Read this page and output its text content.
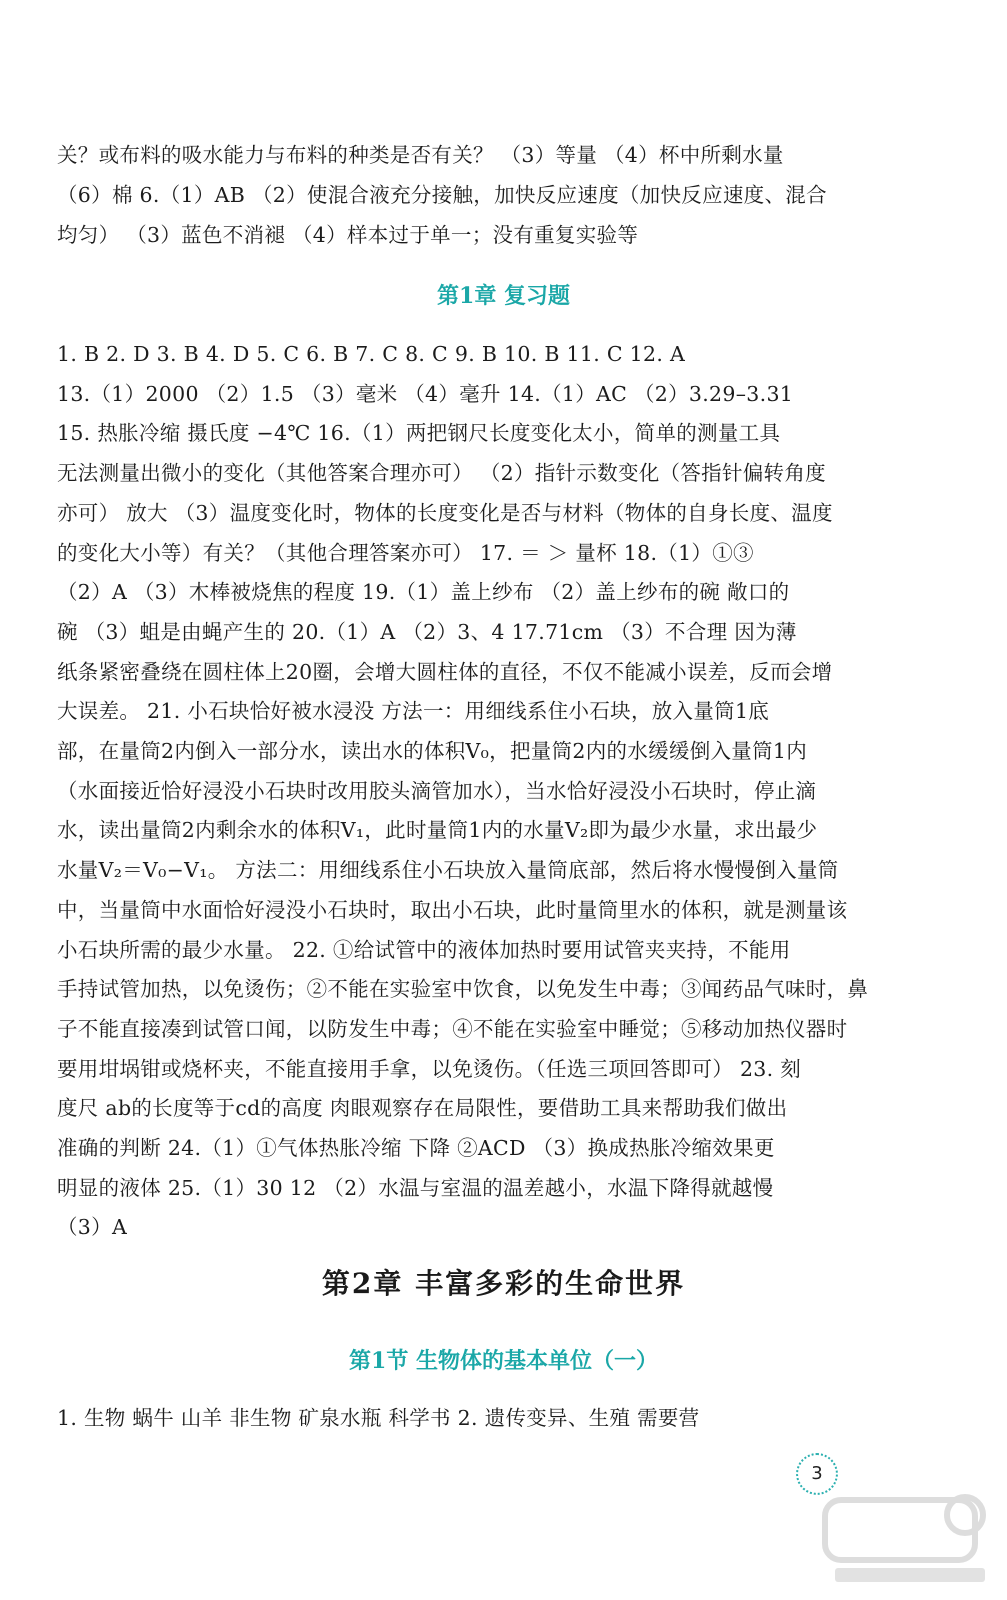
关？或布料的吸水能力与布料的种类是否有关？ （3）等量 （4）杯中所剩水量
（6）棉 6.（1）AB （2）使混合液充分接触，加快反应速度（加快反应速度、混合
均匀） （3）蓝色不消褪 （4）样本过于单一；没有重复实验等
第1章 复习题
1. B 2. D 3. B 4. D 5. C 6. B 7. C 8. C 9. B 10. B 11. C 12. A
13.（1）2000 （2）1.5 （3）毫米 （4）毫升 14.（1）AC （2）3.29–3.31
15. 热胀冷缩 摄氏度 −4℃ 16.（1）两把钢尺长度变化太小，简单的测量工具
无法测量出微小的变化（其他答案合理亦可） （2）指针示数变化（答指针偏转角度
亦可） 放大 （3）温度变化时，物体的长度变化是否与材料（物体的自身长度、温度
的变化大小等）有关？（其他合理答案亦可） 17. ＝ ＞ 量杯 18.（1）①③
（2）A （3）木棒被烧焦的程度 19.（1）盖上纱布 （2）盖上纱布的碗 敞口的
碗 （3）蛆是由蝇产生的 20.（1）A （2）3、4 17.71cm （3）不合理 因为薄
纸条紧密叠绕在圆柱体上20圈，会增大圆柱体的直径，不仅不能减小误差，反而会增
大误差。 21. 小石块恰好被水浸没 方法一：用细线系住小石块，放入量筒1底
部，在量筒2内倒入一部分水，读出水的体积V₀，把量筒2内的水缓缓倒入量筒1内
（水面接近恰好浸没小石块时改用胶头滴管加水），当水恰好浸没小石块时，停止滴
水，读出量筒2内剩余水的体积V₁，此时量筒1内的水量V₂即为最少水量，求出最少
水量V₂＝V₀−V₁。 方法二：用细线系住小石块放入量筒底部，然后将水慢慢倒入量筒
中，当量筒中水面恰好浸没小石块时，取出小石块，此时量筒里水的体积，就是测量该
小石块所需的最少水量。 22. ①给试管中的液体加热时要用试管夹夹持，不能用
手持试管加热，以免烫伤；②不能在实验室中饮食，以免发生中毒；③闻药品气味时，鼻
子不能直接凑到试管口闻，以防发生中毒；④不能在实验室中睡觉；⑤移动加热仪器时
要用坩埚钳或烧杯夹，不能直接用手拿，以免烫伤。（任选三项回答即可） 23. 刻
度尺 ab的长度等于cd的高度 肉眼观察存在局限性，要借助工具来帮助我们做出
准确的判断 24.（1）①气体热胀冷缩 下降 ②ACD （3）换成热胀冷缩效果更
明显的液体 25.（1）30 12 （2）水温与室温的温差越小，水温下降得就越慢
（3）A
第2章 丰富多彩的生命世界
第1节 生物体的基本单位（一）
1. 生物 蜗牛 山羊 非生物 矿泉水瓶 科学书 2. 遗传变异、生殖 需要营
3
